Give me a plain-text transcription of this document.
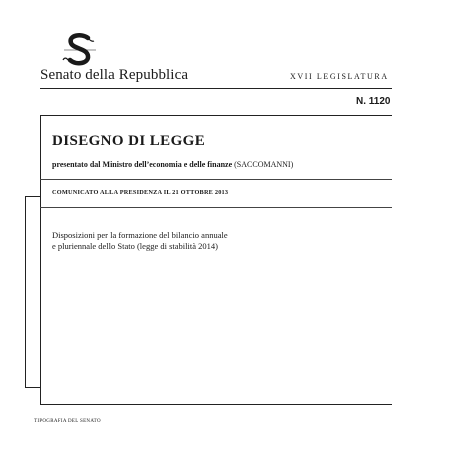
Senato della Repubblica	XVII LEGISLATURA
N. 1120
DISEGNO DI LEGGE
presentato dal Ministro dell’economia e delle finanze (SACCOMANNI)
COMUNICATO ALLA PRESIDENZA IL 21 OTTOBRE 2013
Disposizioni per la formazione del bilancio annuale
e pluriennale dello Stato (legge di stabilità 2014)
TIPOGRAFIA DEL SENATO
